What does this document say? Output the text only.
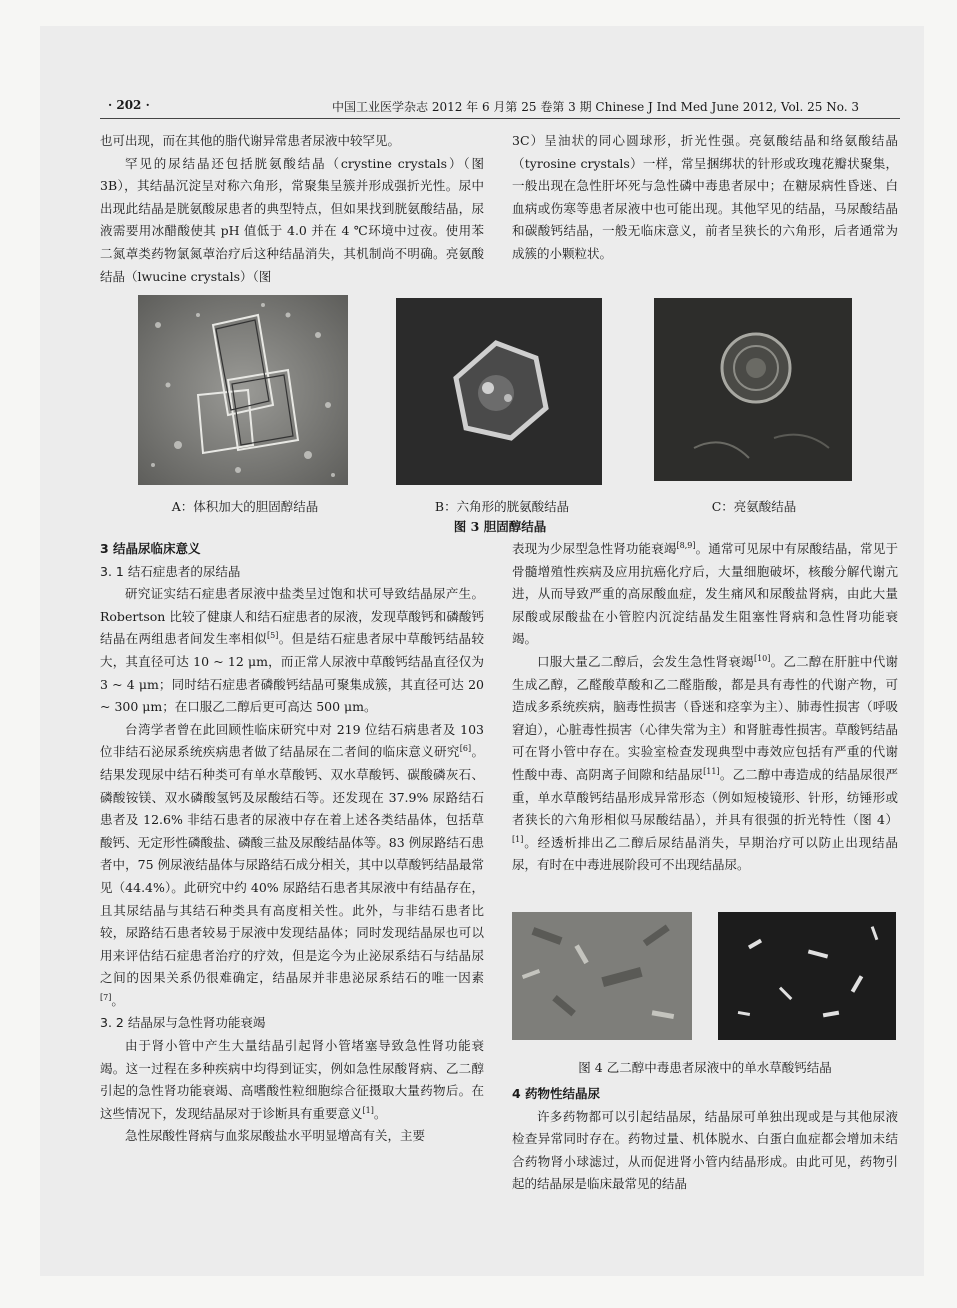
· 202 ·	中国工业医学杂志 2012 年 6 月第 25 卷第 3 期 Chinese J Ind Med June 2012, Vol. 25 No. 3

也可出现，而在其他的脂代谢异常患者尿液中较罕见。

罕见的尿结晶还包括胱氨酸结晶（crystine crystals）（图 3B），其结晶沉淀呈对称六角形，常聚集呈簇并形成强折光性。尿中出现此结晶是胱氨酸尿患者的典型特点，但如果找到胱氨酸结晶，尿液需要用冰醋酸使其 pH 值低于 4.0 并在 4 ℃环境中过夜。使用苯二氮䓬类药物氯氮䓬治疗后这种结晶消失，其机制尚不明确。亮氨酸结晶（lwucine crystals）（图

3C）呈油状的同心圆球形，折光性强。亮氨酸结晶和络氨酸结晶（tyrosine crystals）一样，常呈捆绑状的针形或玫瑰花瓣状聚集，一般出现在急性肝坏死与急性磷中毒患者尿中；在糖尿病性昏迷、白血病或伤寒等患者尿液中也可能出现。其他罕见的结晶，马尿酸结晶和碳酸钙结晶，一般无临床意义，前者呈狭长的六角形，后者通常为成簇的小颗粒状。

A：体积加大的胆固醇结晶	B：六角形的胱氨酸结晶	C：亮氨酸结晶
图 3 胆固醇结晶
3 结晶尿临床意义
3. 1 结石症患者的尿结晶

研究证实结石症患者尿液中盐类呈过饱和状可导致结晶尿产生。Robertson 比较了健康人和结石症患者的尿液，发现草酸钙和磷酸钙结晶在两组患者间发生率相似[5]。但是结石症患者尿中草酸钙结晶较大，其直径可达 10 ~ 12 μm，而正常人尿液中草酸钙结晶直径仅为 3 ~ 4 μm；同时结石症患者磷酸钙结晶可聚集成簇，其直径可达 20 ~ 300 μm；在口服乙二醇后更可高达 500 μm。

台湾学者曾在此回顾性临床研究中对 219 位结石病患者及 103 位非结石泌尿系统疾病患者做了结晶尿在二者间的临床意义研究[6]。结果发现尿中结石种类可有单水草酸钙、双水草酸钙、碳酸磷灰石、磷酸铵镁、双水磷酸氢钙及尿酸结石等。还发现在 37.9% 尿路结石患者及 12.6% 非结石患者的尿液中存在着上述各类结晶体，包括草酸钙、无定形性磷酸盐、磷酸三盐及尿酸结晶体等。83 例尿路结石患者中，75 例尿液结晶体与尿路结石成分相关，其中以草酸钙结晶最常见（44.4%）。此研究中约 40% 尿路结石患者其尿液中有结晶存在，且其尿结晶与其结石种类具有高度相关性。此外，与非结石患者比较，尿路结石患者较易于尿液中发现结晶体；同时发现结晶尿也可以用来评估结石症患者治疗的疗效，但是迄今为止泌尿系结石与结晶尿之间的因果关系仍很难确定，结晶尿并非患泌尿系结石的唯一因素[7]。

3. 2 结晶尿与急性肾功能衰竭

由于肾小管中产生大量结晶引起肾小管堵塞导致急性肾功能衰竭。这一过程在多种疾病中均得到证实，例如急性尿酸肾病、乙二醇引起的急性肾功能衰竭、高嗜酸性粒细胞综合征摄取大量药物后。在这些情况下，发现结晶尿对于诊断具有重要意义[1]。

急性尿酸性肾病与血浆尿酸盐水平明显增高有关，主要

表现为少尿型急性肾功能衰竭[8,9]。通常可见尿中有尿酸结晶，常见于骨髓增殖性疾病及应用抗癌化疗后，大量细胞破坏，核酸分解代谢亢进，从而导致严重的高尿酸血症，发生痛风和尿酸盐肾病，由此大量尿酸或尿酸盐在小管腔内沉淀结晶发生阻塞性肾病和急性肾功能衰竭。

口服大量乙二醇后，会发生急性肾衰竭[10]。乙二醇在肝脏中代谢生成乙醇，乙醛酸草酸和乙二醛脂酸，都是具有毒性的代谢产物，可造成多系统疾病，脑毒性损害（昏迷和痉挛为主）、肺毒性损害（呼吸窘迫），心脏毒性损害（心律失常为主）和肾脏毒性损害。草酸钙结晶可在肾小管中存在。实验室检查发现典型中毒效应包括有严重的代谢性酸中毒、高阴离子间隙和结晶尿[11]。乙二醇中毒造成的结晶尿很严重，单水草酸钙结晶形成异常形态（例如短棱镜形、针形，纺锤形或者狭长的六角形相似马尿酸结晶），并具有很强的折光特性（图 4）[1]。经透析排出乙二醇后尿结晶消失，早期治疗可以防止出现结晶尿，有时在中毒进展阶段可不出现结晶尿。

图 4 乙二醇中毒患者尿液中的单水草酸钙结晶
4 药物性结晶尿

许多药物都可以引起结晶尿，结晶尿可单独出现或是与其他尿液检查异常同时存在。药物过量、机体脱水、白蛋白血症都会增加未结合药物肾小球滤过，从而促进肾小管内结晶形成。由此可见，药物引起的结晶尿是临床最常见的结晶
